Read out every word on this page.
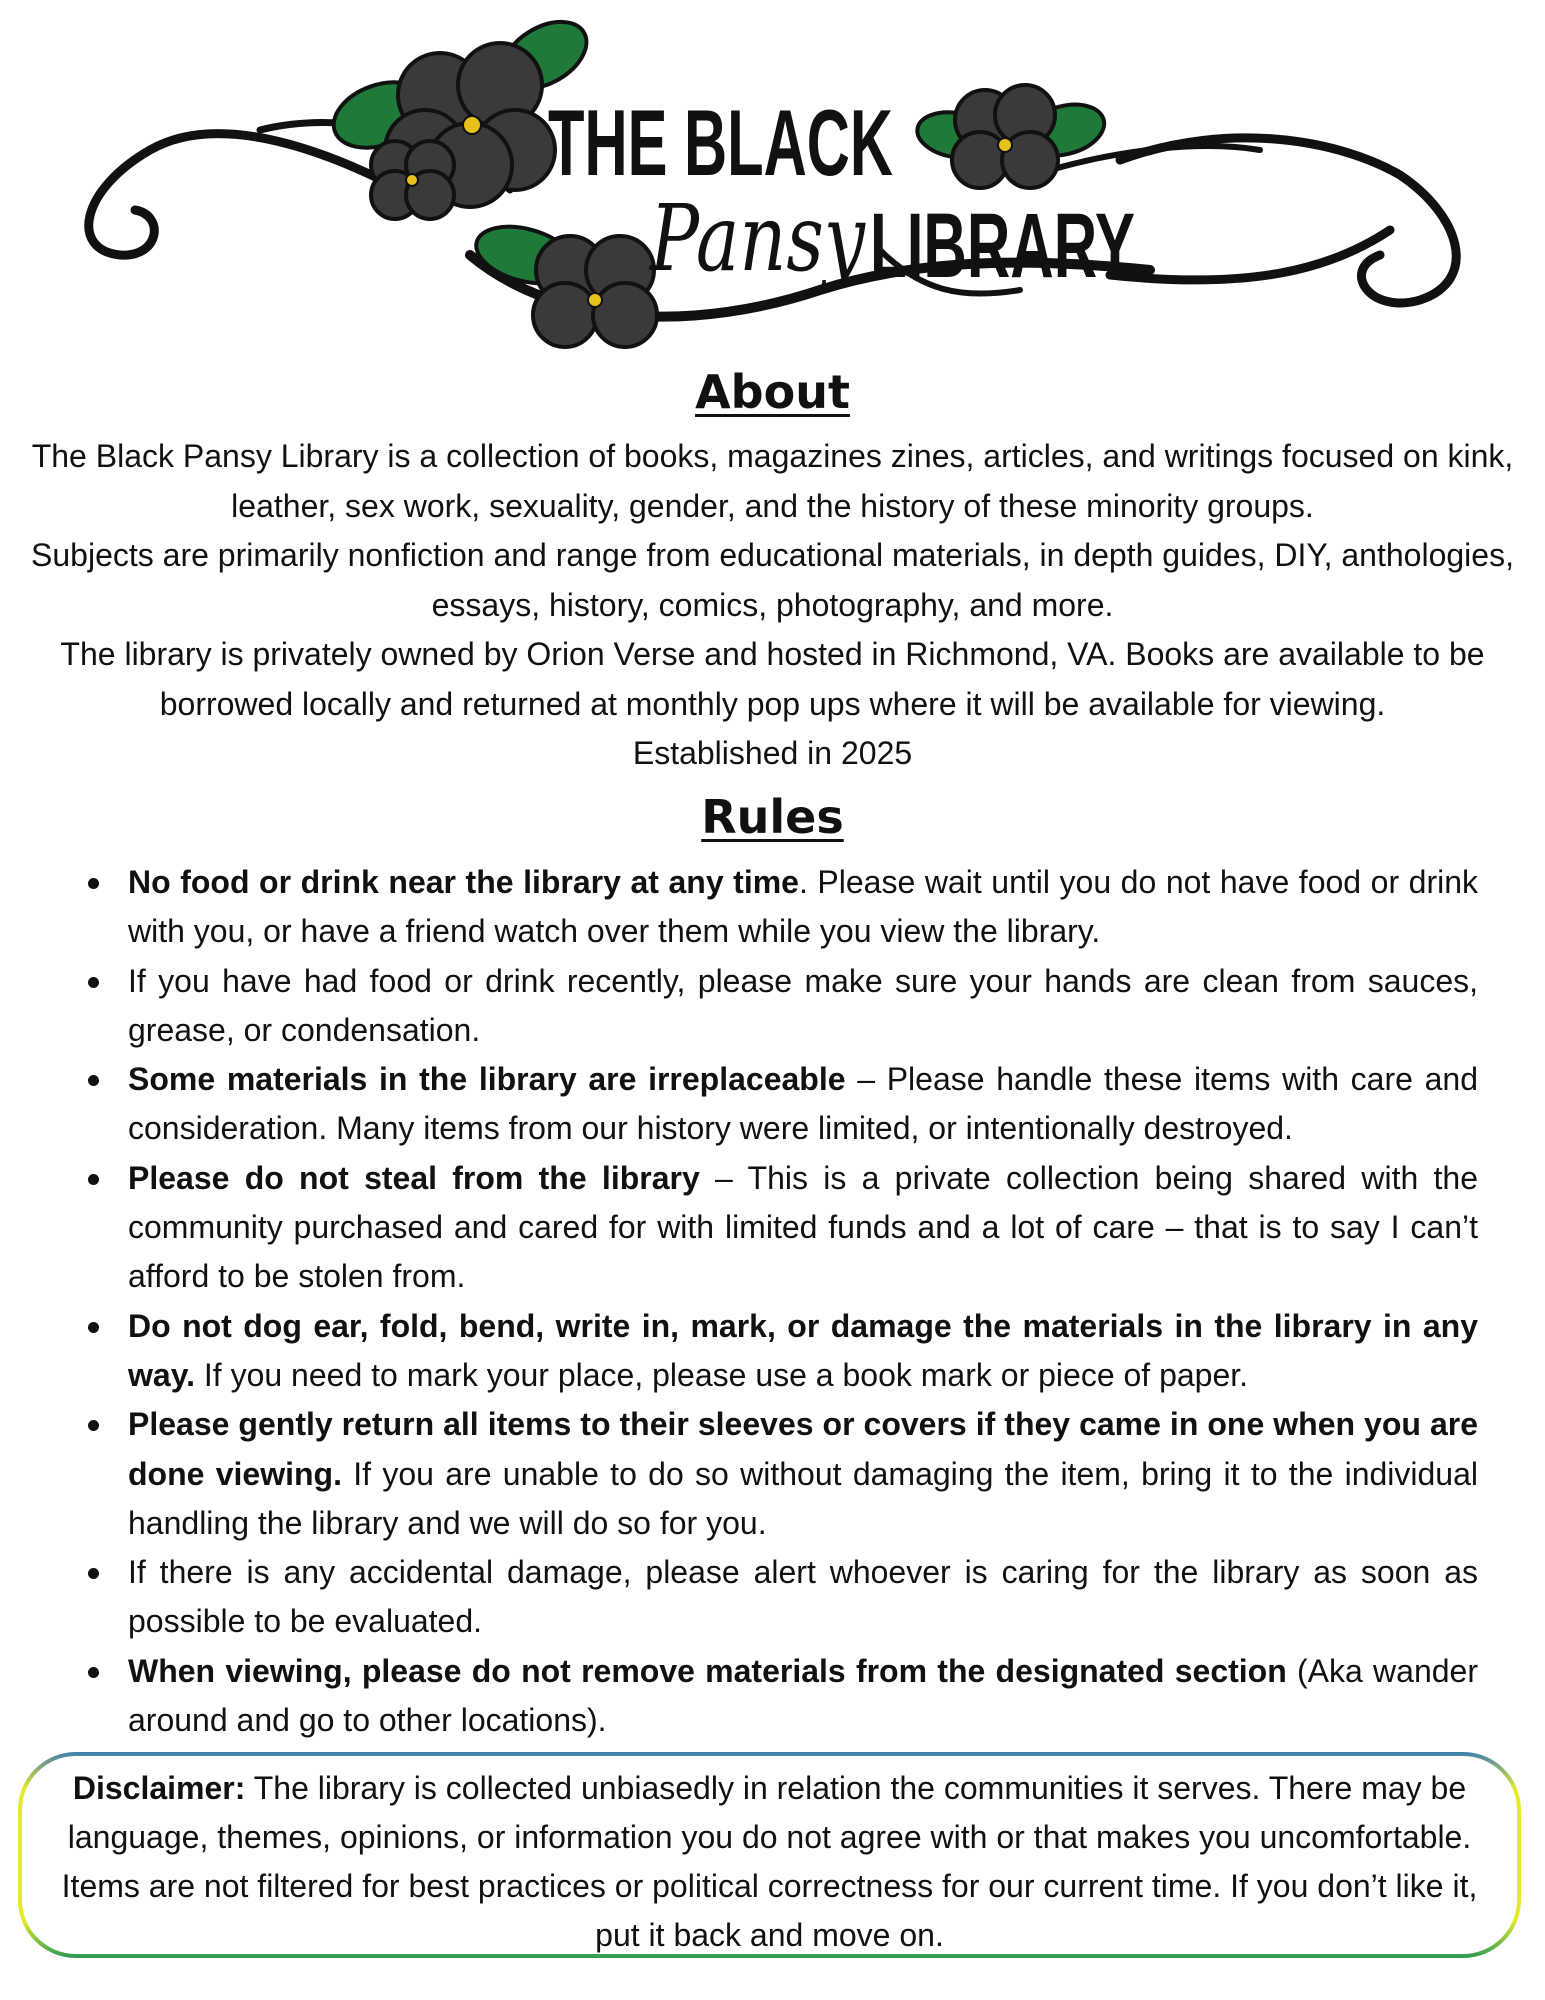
THE BLACK
Pansy LIBRARY
About

The Black Pansy Library is a collection of books, magazines zines, articles, and writings focused on kink, leather, sex work, sexuality, gender, and the history of these minority groups.

Subjects are primarily nonfiction and range from educational materials, in depth guides, DIY, anthologies, essays, history, comics, photography, and more.

The library is privately owned by Orion Verse and hosted in Richmond, VA. Books are available to be borrowed locally and returned at monthly pop ups where it will be available for viewing.

Established in 2025

Rules
No food or drink near the library at any time. Please wait until you do not have food or drink with you, or have a friend watch over them while you view the library.
If you have had food or drink recently, please make sure your hands are clean from sauces, grease, or condensation.
Some materials in the library are irreplaceable – Please handle these items with care and consideration. Many items from our history were limited, or intentionally destroyed.
Please do not steal from the library – This is a private collection being shared with the community purchased and cared for with limited funds and a lot of care – that is to say I can’t afford to be stolen from.
Do not dog ear, fold, bend, write in, mark, or damage the materials in the library in any way. If you need to mark your place, please use a book mark or piece of paper.
Please gently return all items to their sleeves or covers if they came in one when you are done viewing. If you are unable to do so without damaging the item, bring it to the individual handling the library and we will do so for you.
If there is any accidental damage, please alert whoever is caring for the library as soon as possible to be evaluated.
When viewing, please do not remove materials from the designated section (Aka wander around and go to other locations).
Disclaimer: The library is collected unbiasedly in relation the communities it serves. There may be language, themes, opinions, or information you do not agree with or that makes you uncomfortable. Items are not filtered for best practices or political correctness for our current time. If you don’t like it, put it back and move on.
